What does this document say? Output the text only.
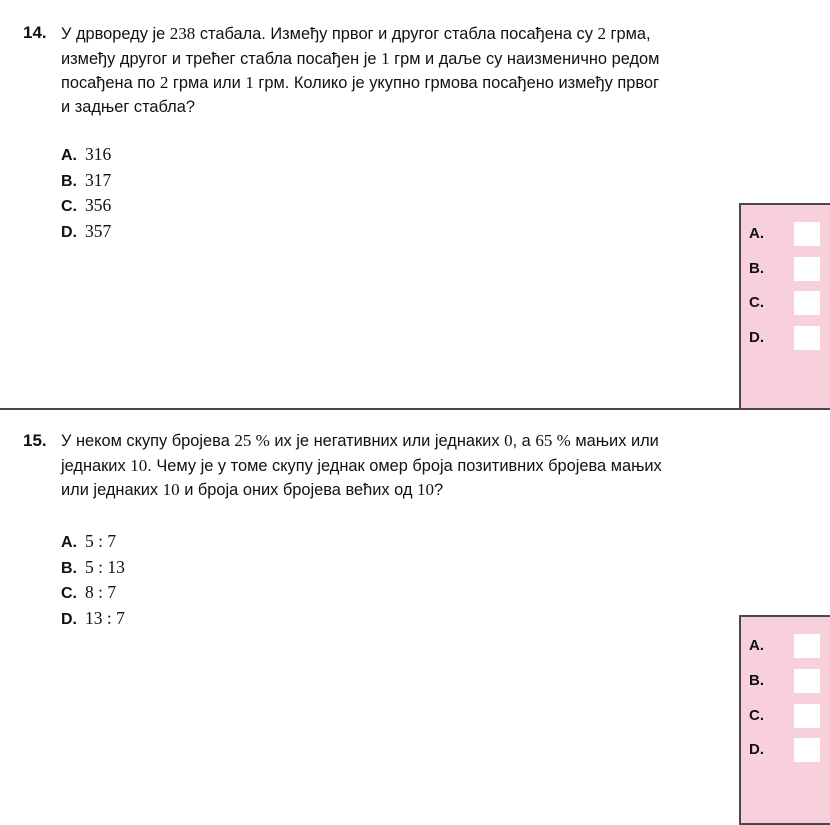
14. У дрвореду је 238 стабала. Између првог и другог стабла посађена су 2 грма,
између другог и трећег стабла посађен је 1 грм и даље су наизменично редом
посађена по 2 грма или 1 грм. Колико је укупно грмова посађено између првог
и задњег стабла?
A. 316
B. 317
C. 356
D. 357	A.
B.
C.
D.
15. У неком скупу бројева 25 % их је негативних или једнаких 0, а 65 % мањих или
једнаких 10. Чему је у томе скупу једнак омер броја позитивних бројева мањих
или једнаких 10 и броја оних бројева већих од 10?
A. 5 : 7
B. 5 : 13
C. 8 : 7
D. 13 : 7
A.
B.
C.
D.
